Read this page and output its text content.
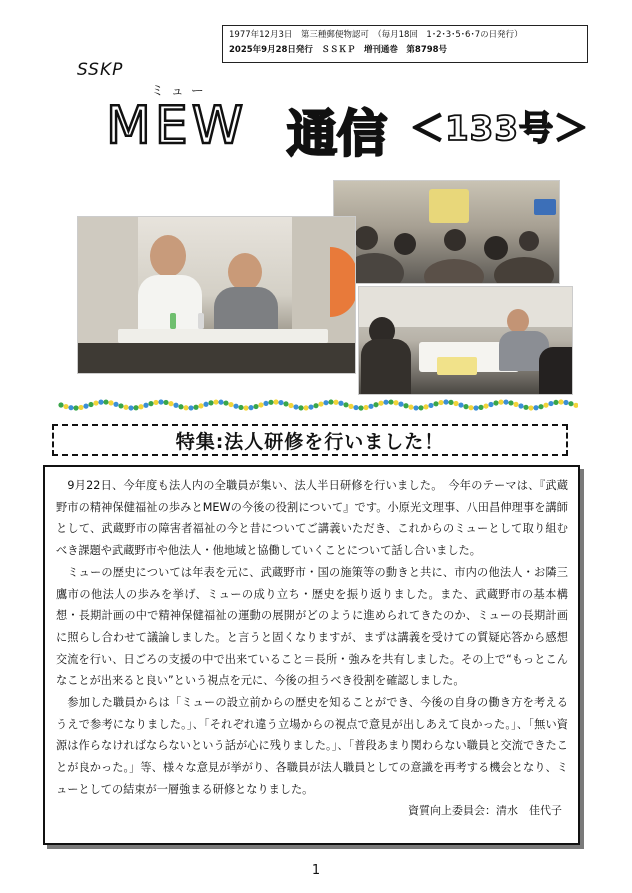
1977年12月3日　第三種郵便物認可　（毎月18回　1･2･3･5･6･7の日発行）
2025年9月28日発行　ＳＳＫＰ　増刊通巻　第8798号
SSKP
ミュー
MEW 通信 ＜133号＞
特集:法人研修を行いました！

　9月22日、今年度も法人内の全職員が集い、法人半日研修を行いました。　今年のテーマは、『武蔵野市の精神保健福祉の歩みとMEWの今後の役割について』です。小原光文理事、八田昌伸理事を講師として、武蔵野市の障害者福祉の今と昔についてご講義いただき、これからのミューとして取り組むべき課題や武蔵野市や他法人・他地域と協働していくことについて話し合いました。

　ミューの歴史については年表を元に、武蔵野市・国の施策等の動きと共に、市内の他法人・お隣三鷹市の他法人の歩みを挙げ、ミューの成り立ち・歴史を振り返りました。また、武蔵野市の基本構想・長期計画の中で精神保健福祉の運動の展開がどのように進められてきたのか、ミューの長期計画に照らし合わせて議論しました。と言うと固くなりますが、まずは講義を受けての質疑応答から感想交流を行い、日ごろの支援の中で出来ていること＝長所・強みを共有しました。その上で“もっとこんなことが出来ると良い”という視点を元に、今後の担うべき役割を確認しました。

　参加した職員からは「ミューの設立前からの歴史を知ることができ、今後の自身の働き方を考えるうえで参考になりました。」、「それぞれ違う立場からの視点で意見が出しあえて良かった。」、「無い資源は作らなければならないという話が心に残りました。」、「普段あまり関わらない職員と交流できたことが良かった。」等、様々な意見が挙がり、各職員が法人職員としての意識を再考する機会となり、ミューとしての結束が一層強まる研修となりました。

資質向上委員会：清水　佳代子
1
